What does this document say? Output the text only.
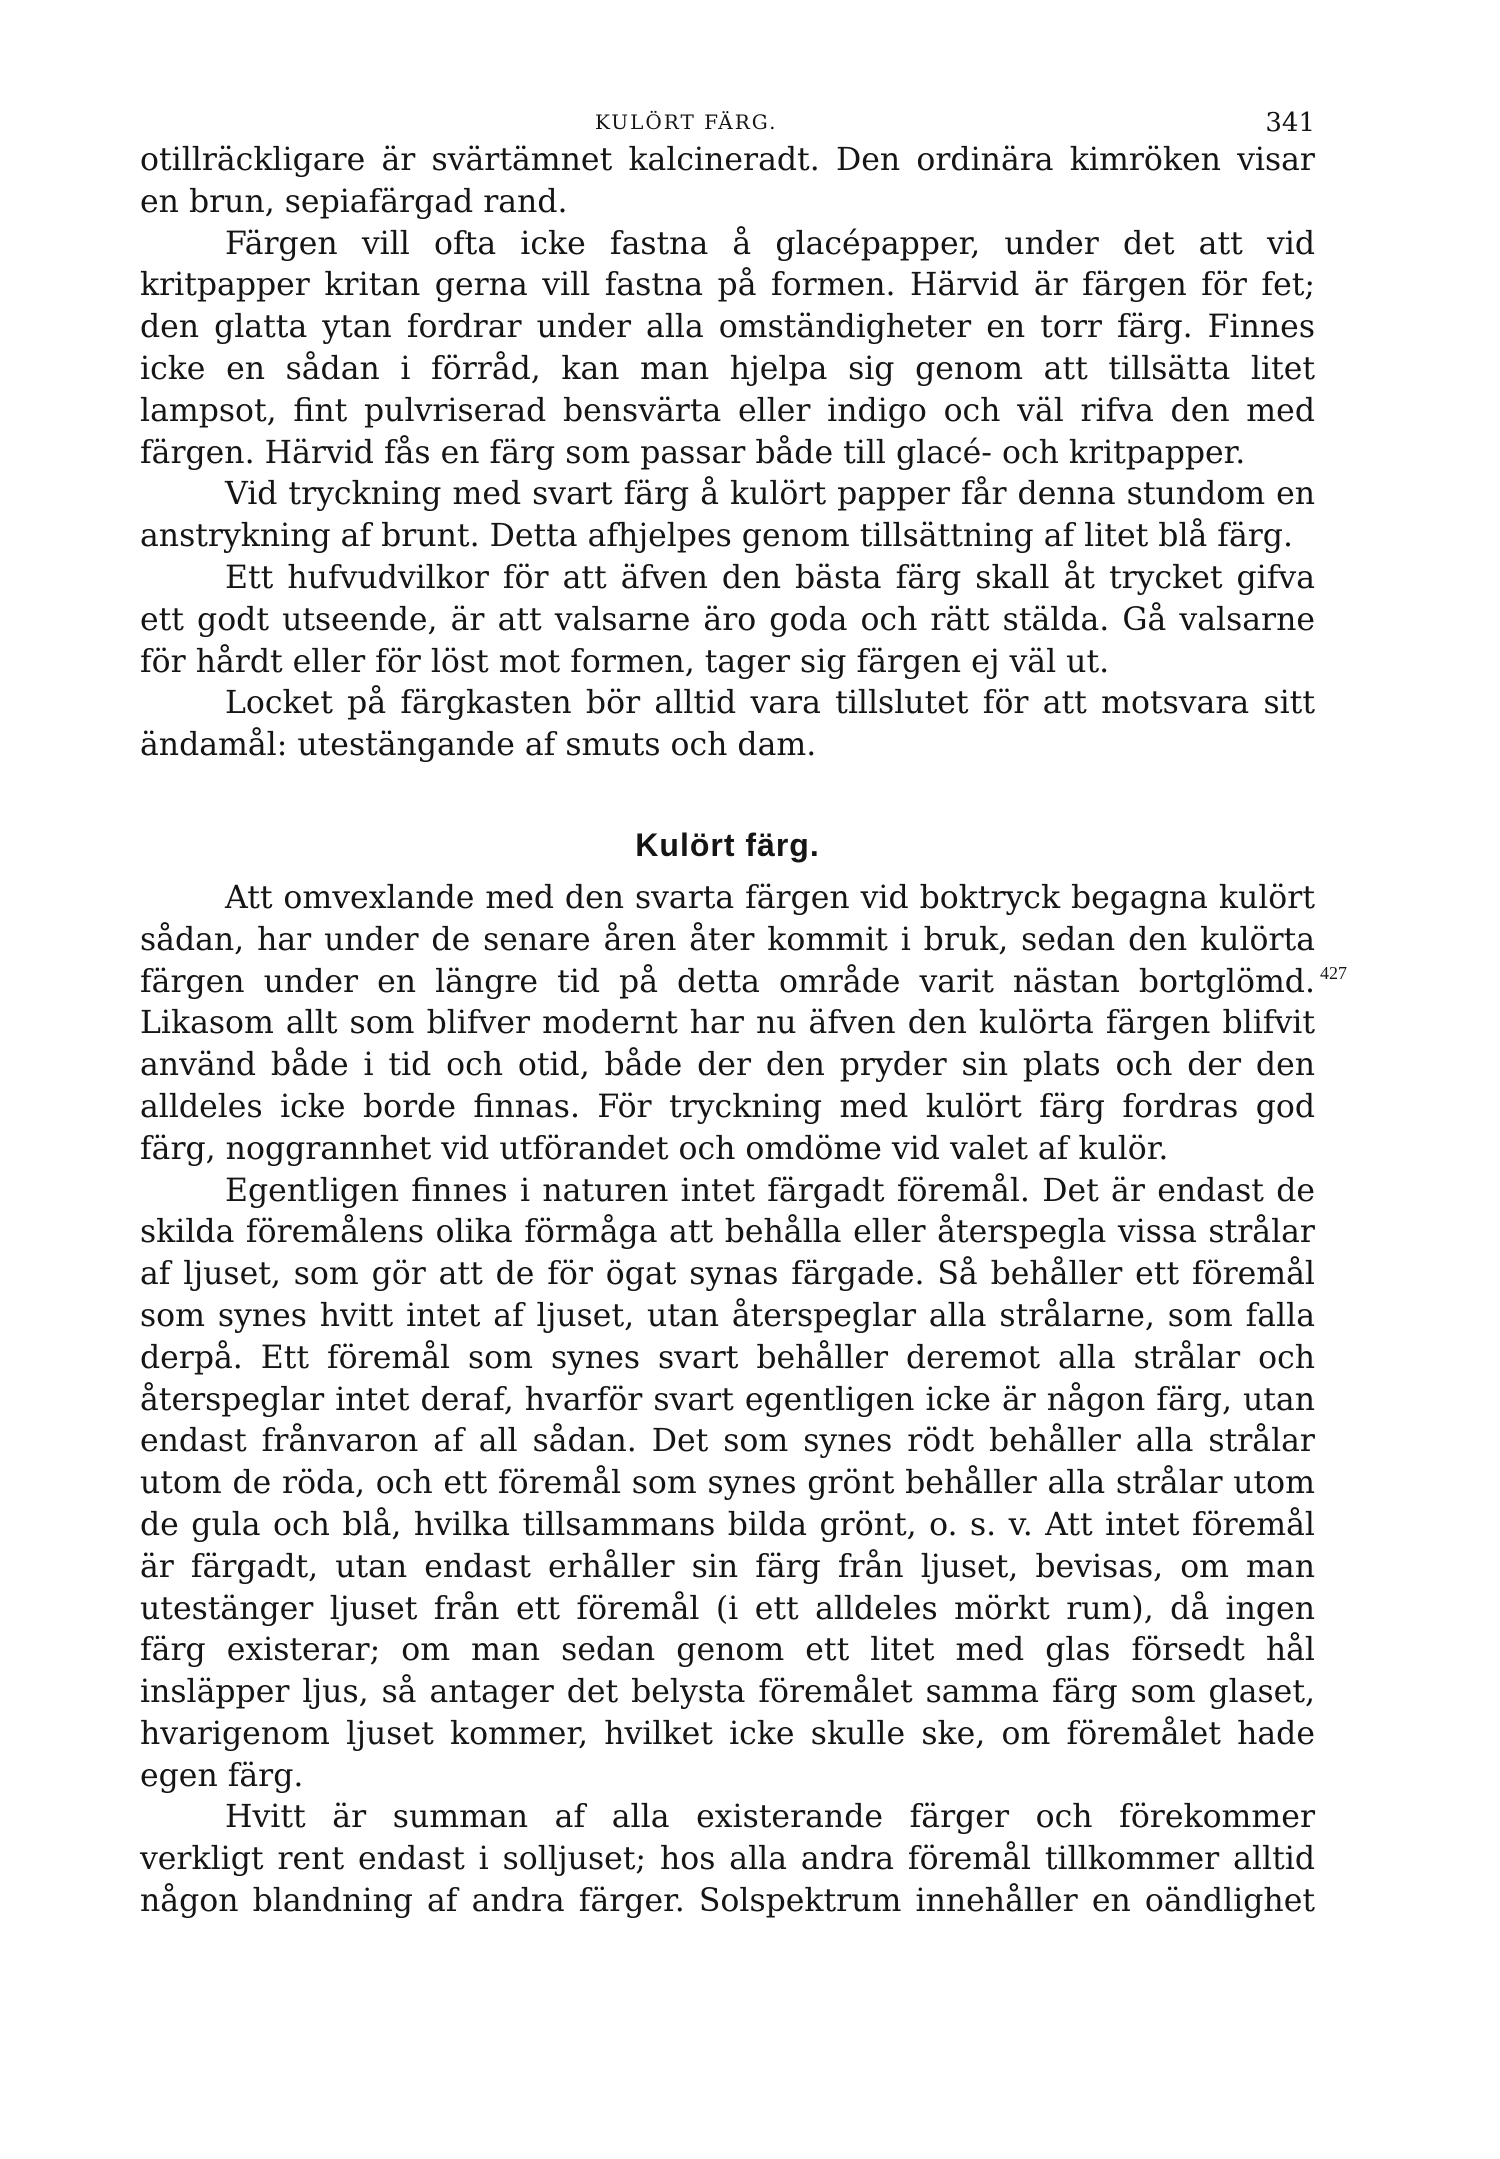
KULÖRT FÄRG.	341

otillräckligare är svärtämnet kalcineradt. Den ordinära kimröken visar en brun, sepiafärgad rand.

Färgen vill ofta icke fastna å glacépapper, under det att vid kritpapper kritan gerna vill fastna på formen. Härvid är färgen för fet; den glatta ytan fordrar under alla omständigheter en torr färg. Finnes icke en sådan i förråd, kan man hjelpa sig genom att tillsätta litet lampsot, fint pulvriserad bensvärta eller indigo och väl rifva den med färgen. Härvid fås en färg som passar både till glacé- och kritpapper.

Vid tryckning med svart färg å kulört papper får denna stundom en anstrykning af brunt. Detta afhjelpes genom tillsättning af litet blå färg.

Ett hufvudvilkor för att äfven den bästa färg skall åt trycket gifva ett godt utseende, är att valsarne äro goda och rätt stälda. Gå valsarne för hårdt eller för löst mot formen, tager sig färgen ej väl ut.

Locket på färgkasten bör alltid vara tillslutet för att motsvara sitt ändamål: utestängande af smuts och dam.

Kulört färg.

Att omvexlande med den svarta färgen vid boktryck begagna kulört sådan, har under de senare åren åter kommit i bruk, sedan den kulörta färgen under en längre tid på detta område varit nästan bortglömd. Likasom allt som blifver modernt har nu äfven den kulörta färgen blifvit använd både i tid och otid, både der den pryder sin plats och der den alldeles icke borde finnas. För tryckning med kulört färg fordras god färg, noggrannhet vid utförandet och omdöme vid valet af kulör.

Egentligen finnes i naturen intet färgadt föremål. Det är endast de skilda föremålens olika förmåga att behålla eller återspegla vissa strålar af ljuset, som gör att de för ögat synas färgade. Så behåller ett föremål som synes hvitt intet af ljuset, utan återspeglar alla strålarne, som falla derpå. Ett föremål som synes svart behåller deremot alla strålar och återspeglar intet deraf, hvarför svart egentligen icke är någon färg, utan endast frånvaron af all sådan. Det som synes rödt behåller alla strålar utom de röda, och ett föremål som synes grönt behåller alla strålar utom de gula och blå, hvilka tillsammans bilda grönt, o. s. v. Att intet föremål är färgadt, utan endast erhåller sin färg från ljuset, bevisas, om man utestänger ljuset från ett föremål (i ett alldeles mörkt rum), då ingen färg existerar; om man sedan genom ett litet med glas försedt hål insläpper ljus, så antager det belysta föremålet samma färg som glaset, hvarigenom ljuset kommer, hvilket icke skulle ske, om föremålet hade egen färg.

Hvitt är summan af alla existerande färger och förekommer verkligt rent endast i solljuset; hos alla andra föremål tillkommer alltid någon blandning af andra färger. Solspektrum innehåller en oändlighet

427
